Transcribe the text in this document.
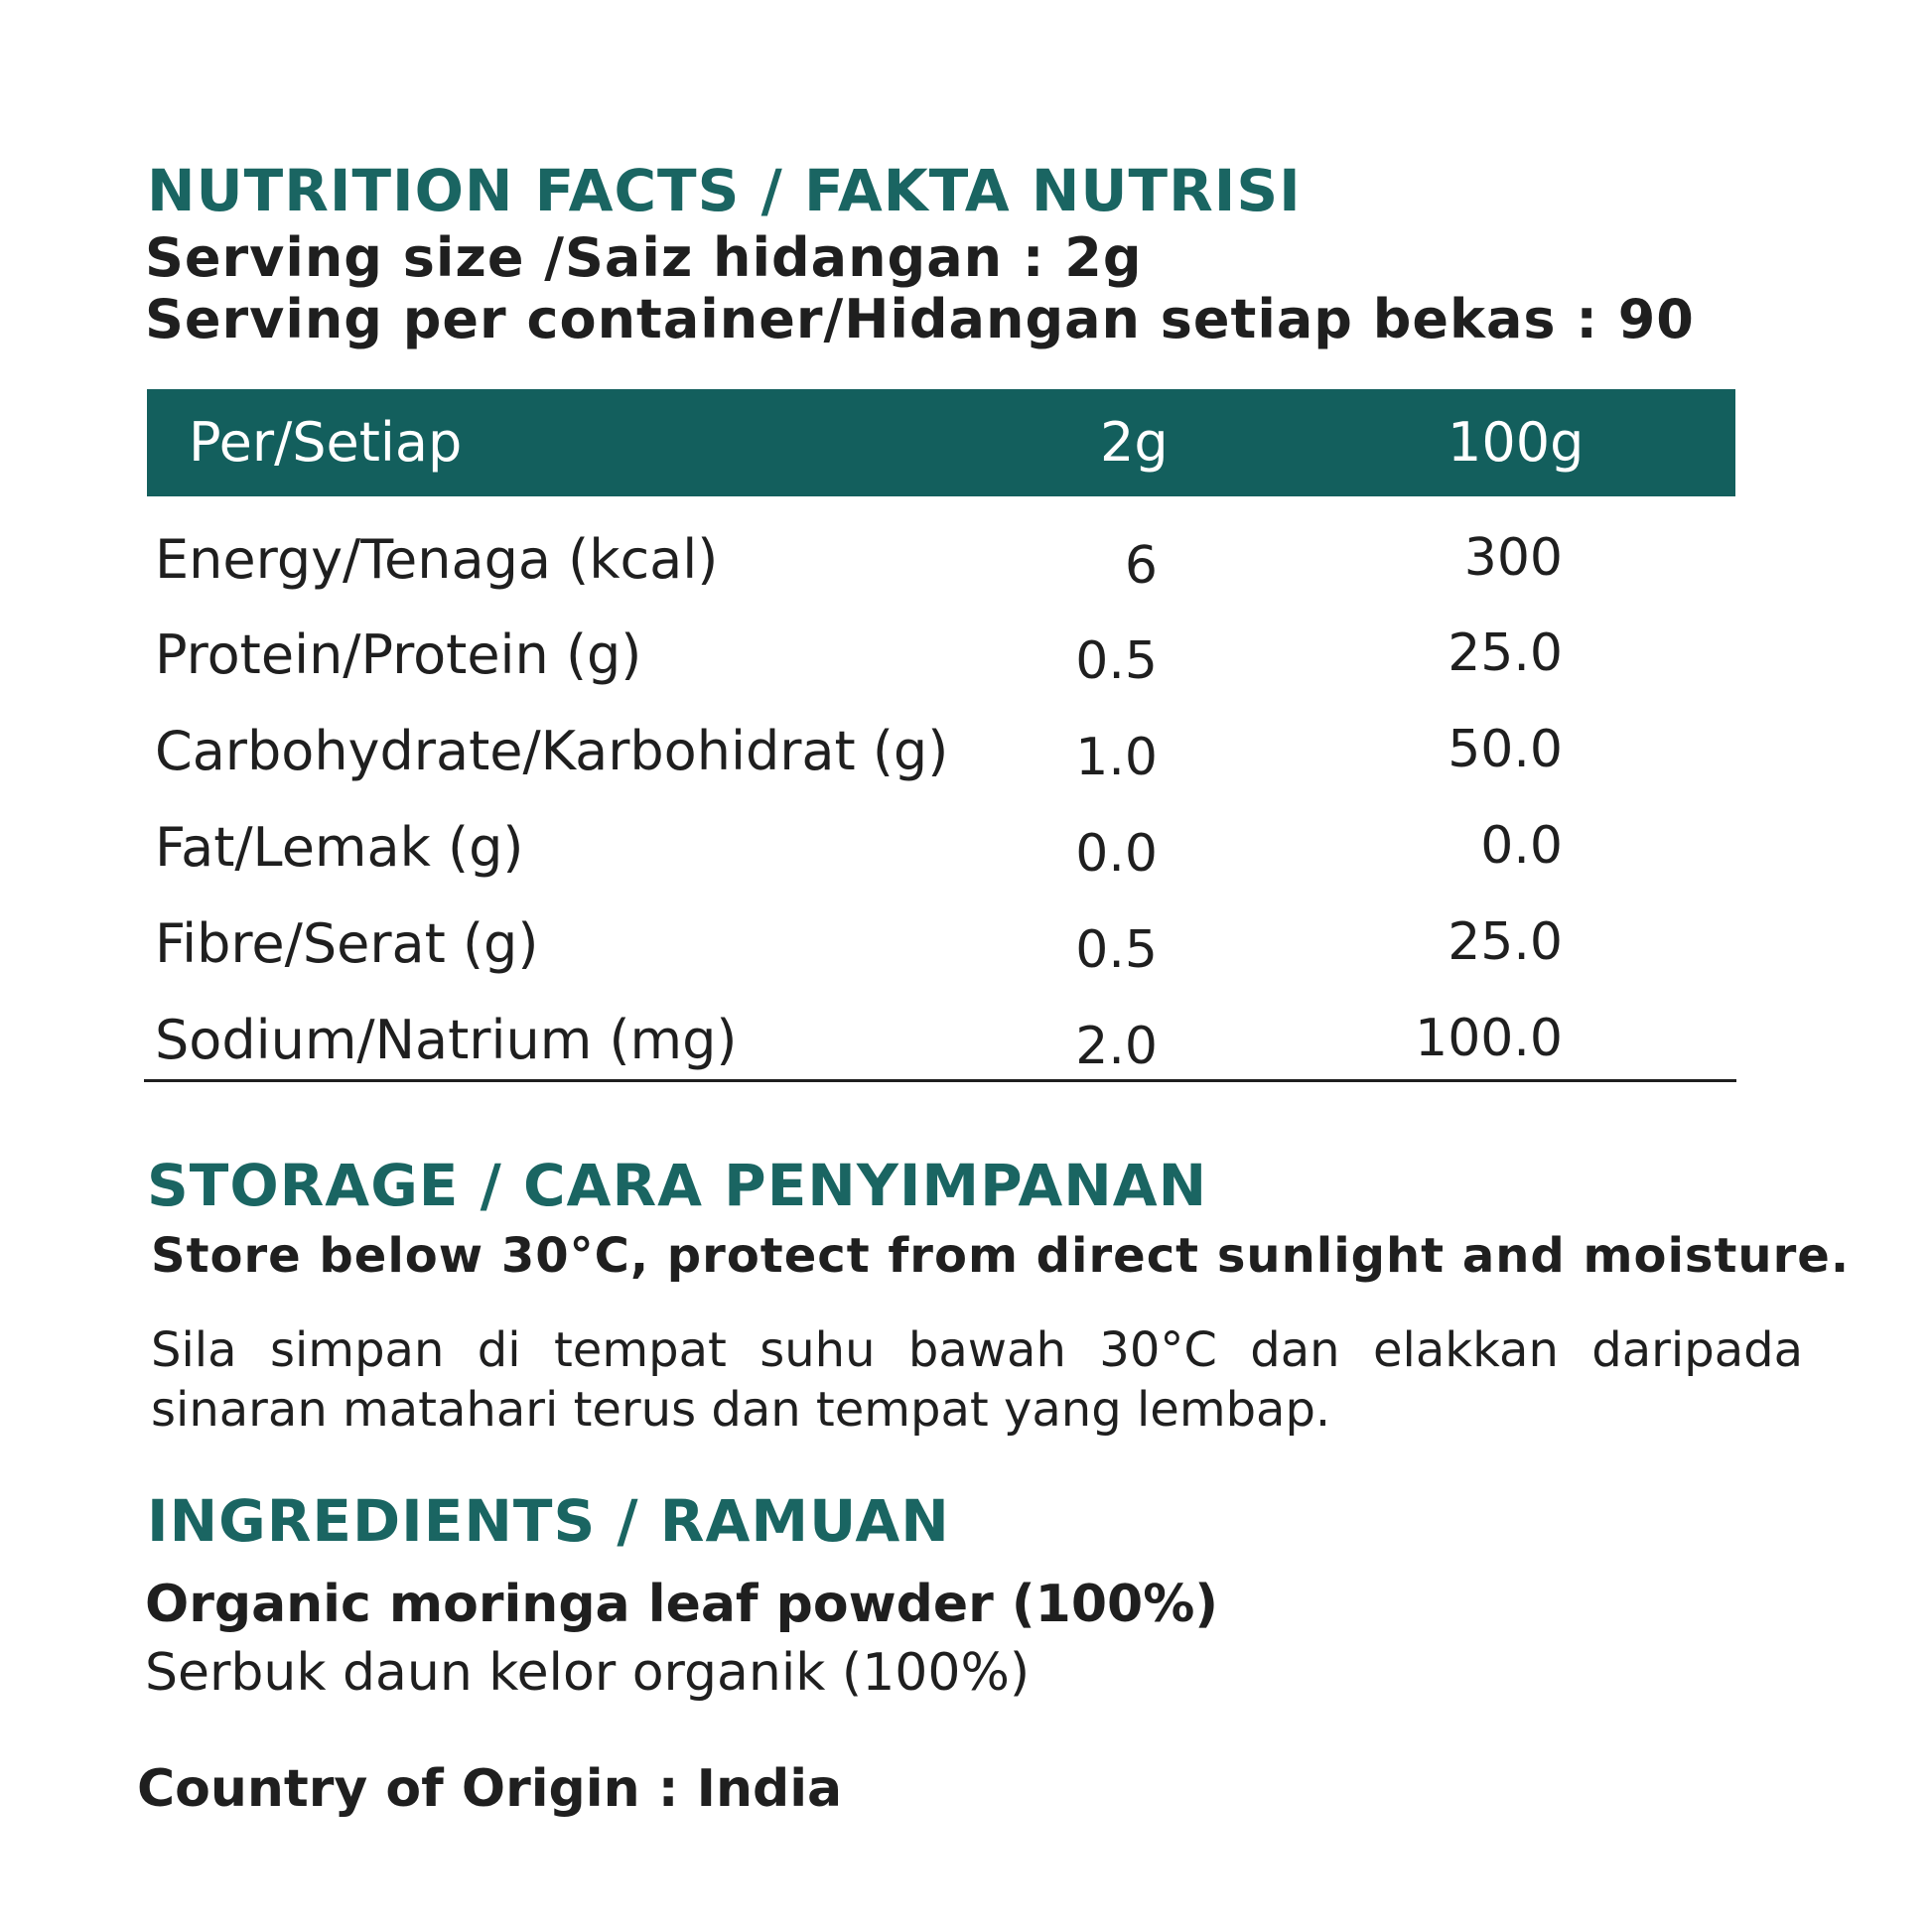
NUTRITION FACTS / FAKTA NUTRISI
Serving size /Saiz hidangan : 2g
Serving per container/Hidangan setiap bekas : 90
Per/Setiap	2g	100g
Energy/Tenaga (kcal)	6	300
Protein/Protein (g)	0.5	25.0
Carbohydrate/Karbohidrat (g)	1.0	50.0
Fat/Lemak (g)	0.0	0.0
Fibre/Serat (g)	0.5	25.0
Sodium/Natrium (mg)	2.0	100.0
STORAGE / CARA PENYIMPANAN
Store below 30°C, protect from direct sunlight and moisture.
Sila simpan di tempat suhu bawah 30°C dan elakkan daripada sinaran matahari terus dan tempat yang lembap.
INGREDIENTS / RAMUAN
Organic moringa leaf powder (100%)
Serbuk daun kelor organik (100%)
Country of Origin : India
